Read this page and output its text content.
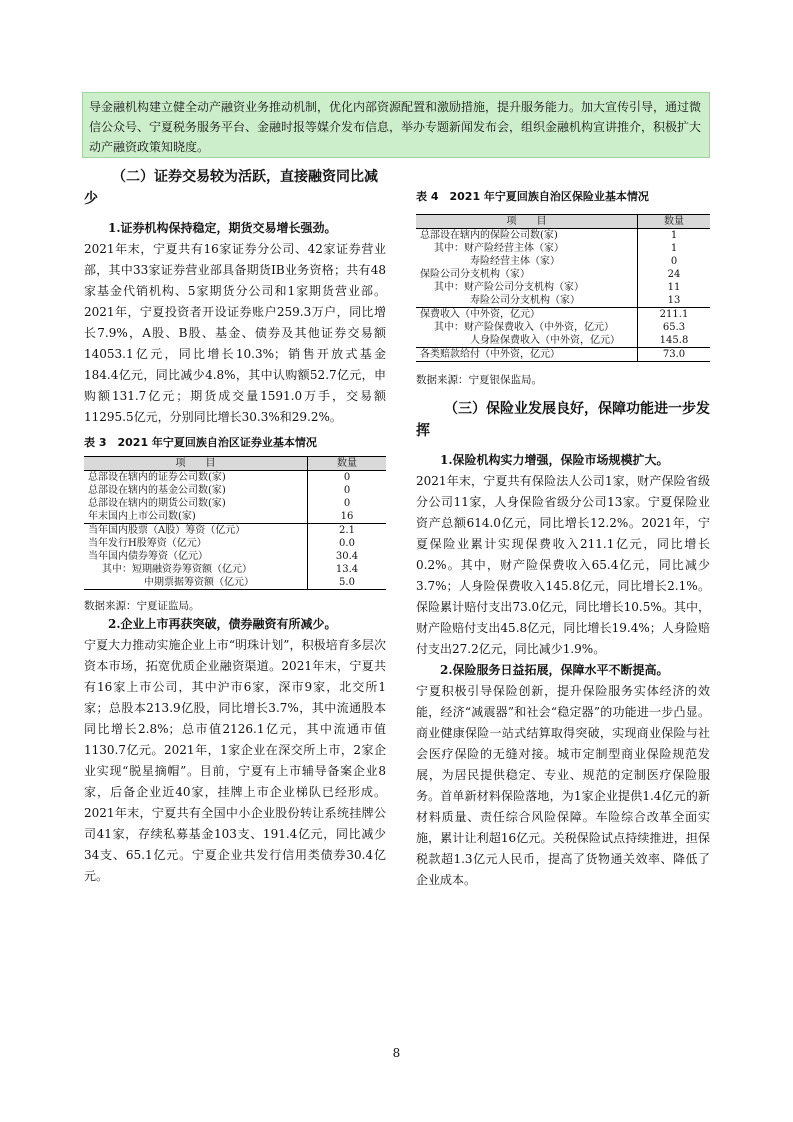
导金融机构建立健全动产融资业务推动机制，优化内部资源配置和激励措施，提升服务能力。加大宣传引导，通过微信公众号、宁夏税务服务平台、金融时报等媒介发布信息，举办专题新闻发布会，组织金融机构宣讲推介，积极扩大动产融资政策知晓度。

（二）证券交易较为活跃，直接融资同比减少

1.证券机构保持稳定，期货交易增长强劲。

2021年末，宁夏共有16家证券分公司、42家证券营业部，其中33家证券营业部具备期货IB业务资格；共有48家基金代销机构、5家期货分公司和1家期货营业部。2021年，宁夏投资者开设证券账户259.3万户，同比增长7.9%，A股、B股、基金、债券及其他证券交易额14053.1亿元，同比增长10.3%；销售开放式基金184.4亿元，同比减少4.8%，其中认购额52.7亿元，申购额131.7亿元；期货成交量1591.0万手，交易额11295.5亿元，分别同比增长30.3%和29.2%。

表 3　2021 年宁夏回族自治区证券业基本情况

项　　目	数量
总部设在辖内的证券公司数(家)	0
总部设在辖内的基金公司数(家)	0
总部设在辖内的期货公司数(家)	0
年末国内上市公司数(家)	16
当年国内股票（A股）筹资（亿元）	2.1
当年发行H股筹资（亿元）	0.0
当年国内债券筹资（亿元）	30.4
其中：短期融资券筹资额（亿元）	13.4
中期票据筹资额（亿元）	5.0

数据来源：宁夏证监局。

2.企业上市再获突破，债券融资有所减少。

宁夏大力推动实施企业上市“明珠计划”，积极培育多层次资本市场，拓宽优质企业融资渠道。2021年末，宁夏共有16家上市公司，其中沪市6家，深市9家，北交所1家；总股本213.9亿股，同比增长3.7%，其中流通股本同比增长2.8%；总市值2126.1亿元，其中流通市值1130.7亿元。2021年，1家企业在深交所上市，2家企业实现“脱星摘帽”。目前，宁夏有上市辅导备案企业8家，后备企业近40家，挂牌上市企业梯队已经形成。2021年末，宁夏共有全国中小企业股份转让系统挂牌公司41家，存续私募基金103支、191.4亿元，同比减少34支、65.1亿元。宁夏企业共发行信用类债券30.4亿元。

表 4　2021 年宁夏回族自治区保险业基本情况

项　　目	数量
总部设在辖内的保险公司数(家)	1
其中：财产险经营主体（家）	1
寿险经营主体（家）	0
保险公司分支机构（家）	24
其中：财产险公司分支机构（家）	11
寿险公司分支机构（家）	13
保费收入（中外资，亿元）	211.1
其中：财产险保费收入（中外资，亿元）	65.3
人身险保费收入（中外资，亿元）	145.8
各类赔款给付（中外资，亿元）	73.0

数据来源：宁夏银保监局。

（三）保险业发展良好，保障功能进一步发挥

1.保险机构实力增强，保险市场规模扩大。

2021年末，宁夏共有保险法人公司1家，财产保险省级分公司11家，人身保险省级分公司13家。宁夏保险业资产总额614.0亿元，同比增长12.2%。2021年，宁夏保险业累计实现保费收入211.1亿元，同比增长0.2%。其中，财产险保费收入65.4亿元，同比减少3.7%；人身险保费收入145.8亿元，同比增长2.1%。保险累计赔付支出73.0亿元，同比增长10.5%。其中，财产险赔付支出45.8亿元，同比增长19.4%；人身险赔付支出27.2亿元，同比减少1.9%。

2.保险服务日益拓展，保障水平不断提高。

宁夏积极引导保险创新，提升保险服务实体经济的效能，经济“减震器”和社会“稳定器”的功能进一步凸显。商业健康保险一站式结算取得突破，实现商业保险与社会医疗保险的无缝对接。城市定制型商业保险规范发展，为居民提供稳定、专业、规范的定制医疗保险服务。首单新材料保险落地，为1家企业提供1.4亿元的新材料质量、责任综合风险保障。车险综合改革全面实施，累计让利超16亿元。关税保险试点持续推进，担保税款超1.3亿元人民币，提高了货物通关效率、降低了企业成本。

8
